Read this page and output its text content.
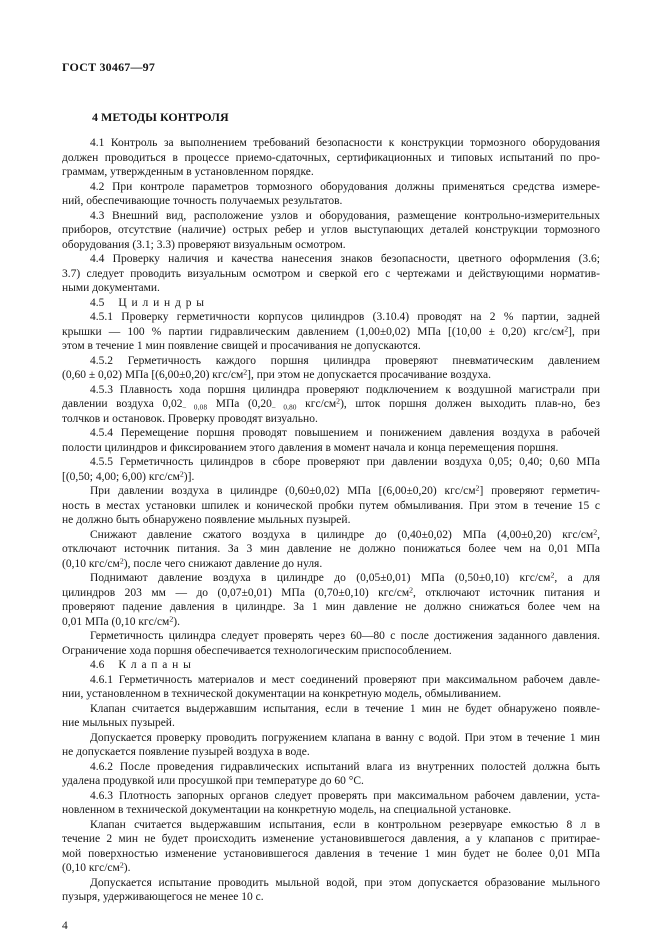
ГОСТ 30467—97
4 МЕТОДЫ КОНТРОЛЯ
4.1 Контроль за выполнением требований безопасности к конструкции тормозного оборудования
должен проводиться в процессе приемо-сдаточных, сертификационных и типовых испытаний по про-
граммам, утвержденным в установленном порядке.
4.2 При контроле параметров тормозного оборудования должны применяться средства измере-
ний, обеспечивающие точность получаемых результатов.
4.3 Внешний вид, расположение узлов и оборудования, размещение контрольно-измерительных
приборов, отсутствие (наличие) острых ребер и углов выступающих деталей конструкции тормозного
оборудования (3.1; 3.3) проверяют визуальным осмотром.
4.4 Проверку наличия и качества нанесения знаков безопасности, цветного оформления (3.6;
3.7) следует проводить визуальным осмотром и сверкой его с чертежами и действующими норматив-
ными документами.
4.5 Цилиндры
4.5.1 Проверку герметичности корпусов цилиндров (3.10.4) проводят на 2 % партии, задней
крышки — 100 % партии гидравлическим давлением (1,00±0,02) МПа [(10,00 ± 0,20) кгс/$см^2$], при
этом в течение 1 мин появление свищей и просачивания не допускаются.
4.5.2 Герметичность каждого поршня цилиндра проверяют пневматическим давлением
(0,60 ± 0,02) МПа [(6,00±0,20) кгс/$см^2$], при этом не допускается просачивание воздуха.
4.5.3 Плавность хода поршня цилиндра проверяют подключением к воздушной магистрали при
давлении воздуха $0,02_{- 0,08}$ МПа ($0,20_{- 0,80}$ кгс/$см^2$), шток поршня должен выходить плав-но, без
толчков и остановок. Проверку проводят визуально.
4.5.4 Перемещение поршня проводят повышением и понижением давления воздуха в рабочей
полости цилиндров и фиксированием этого давления в момент начала и конца перемещения поршня.
4.5.5 Герметичность цилиндров в сборе проверяют при давлении воздуха 0,05; 0,40; 0,60 МПа
[(0,50; 4,00; 6,00) кгс/$см^2$)].
При давлении воздуха в цилиндре (0,60±0,02) МПа [(6,00±0,20) кгс/$см^2$] проверяют герметич-
ность в местах установки шпилек и конической пробки путем обмыливания. При этом в течение 15 с
не должно быть обнаружено появление мыльных пузырей.
Снижают давление сжатого воздуха в цилиндре до (0,40±0,02) МПа (4,00±0,20) кгс/$см^2$,
отключают источник питания. За 3 мин давление не должно понижаться более чем на 0,01 МПа
(0,10 кгс/$см^2$), после чего снижают давление до нуля.
Поднимают давление воздуха в цилиндре до (0,05±0,01) МПа (0,50±0,10) кгс/$см^2$, а для
цилиндров 203 мм — до (0,07±0,01) МПа (0,70±0,10) кгс/$см^2$, отключают источник питания и
проверяют падение давления в цилиндре. За 1 мин давление не должно снижаться более чем на
0,01 МПа (0,10 кгс/$см^2$).
Герметичность цилиндра следует проверять через 60—80 с после достижения заданного давления.
Ограничение хода поршня обеспечивается технологическим приспособлением.
4.6 Клапаны
4.6.1 Герметичность материалов и мест соединений проверяют при максимальном рабочем давле-
нии, установленном в технической документации на конкретную модель, обмыливанием.
Клапан считается выдержавшим испытания, если в течение 1 мин не будет обнаружено появле-
ние мыльных пузырей.
Допускается проверку проводить погружением клапана в ванну с водой. При этом в течение 1 мин
не допускается появление пузырей воздуха в воде.
4.6.2 После проведения гидравлических испытаний влага из внутренних полостей должна быть
удалена продувкой или просушкой при температуре до 60 °С.
4.6.3 Плотность запорных органов следует проверять при максимальном рабочем давлении, уста-
новленном в технической документации на конкретную модель, на специальной установке.
Клапан считается выдержавшим испытания, если в контрольном резервуаре емкостью 8 л в
течение 2 мин не будет происходить изменение установившегося давления, а у клапанов с притирае-
мой поверхностью изменение установившегося давления в течение 1 мин будет не более 0,01 МПа
(0,10 кгс/$см^2$).
Допускается испытание проводить мыльной водой, при этом допускается образование мыльного
пузыря, удерживающегося не менее 10 с.
4
